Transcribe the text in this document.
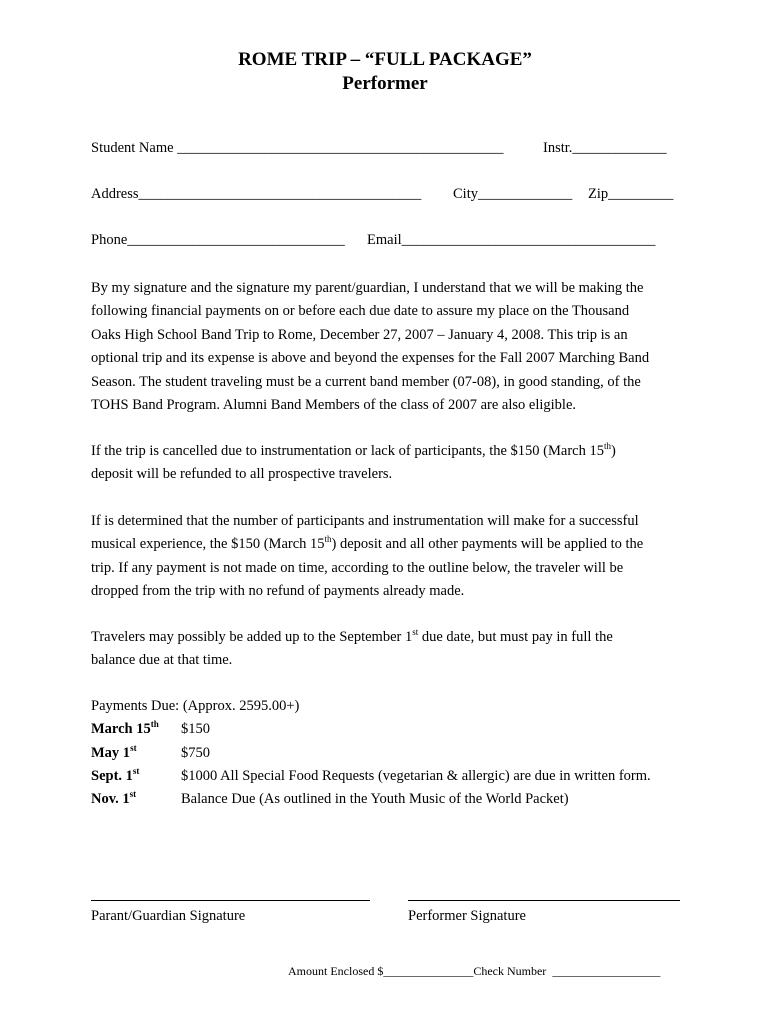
ROME TRIP – “FULL PACKAGE”
Performer
Student Name _____________________________________________	Instr._____________
Address_______________________________________ City_____________ Zip_________
Phone______________________________ Email___________________________________

By my signature and the signature my parent/guardian, I understand that we will be making the

following financial payments on or before each due date to assure my place on the Thousand

Oaks High School Band Trip to Rome, December 27, 2007 – January 4, 2008. This trip is an

optional trip and its expense is above and beyond the expenses for the Fall 2007 Marching Band

Season. The student traveling must be a current band member (07-08), in good standing, of the

TOHS Band Program. Alumni Band Members of the class of 2007 are also eligible.

If the trip is cancelled due to instrumentation or lack of participants, the $150 (March 15th)

deposit will be refunded to all prospective travelers.

If is determined that the number of participants and instrumentation will make for a successful

musical experience, the $150 (March 15th) deposit and all other payments will be applied to the

trip. If any payment is not made on time, according to the outline below, the traveler will be

dropped from the trip with no refund of payments already made.

Travelers may possibly be added up to the September 1st due date, but must pay in full the

balance due at that time.

Payments Due: (Approx. 2595.00+)
March 15th $150
May 1st	$750
Sept. 1st	$1000 All Special Food Requests (vegetarian & allergic) are due in written form.
Nov. 1st	Balance Due (As outlined in the Youth Music of the World Packet)
Parant/Guardian Signature	Performer Signature
Amount Enclosed $_______________Check Number __________________
